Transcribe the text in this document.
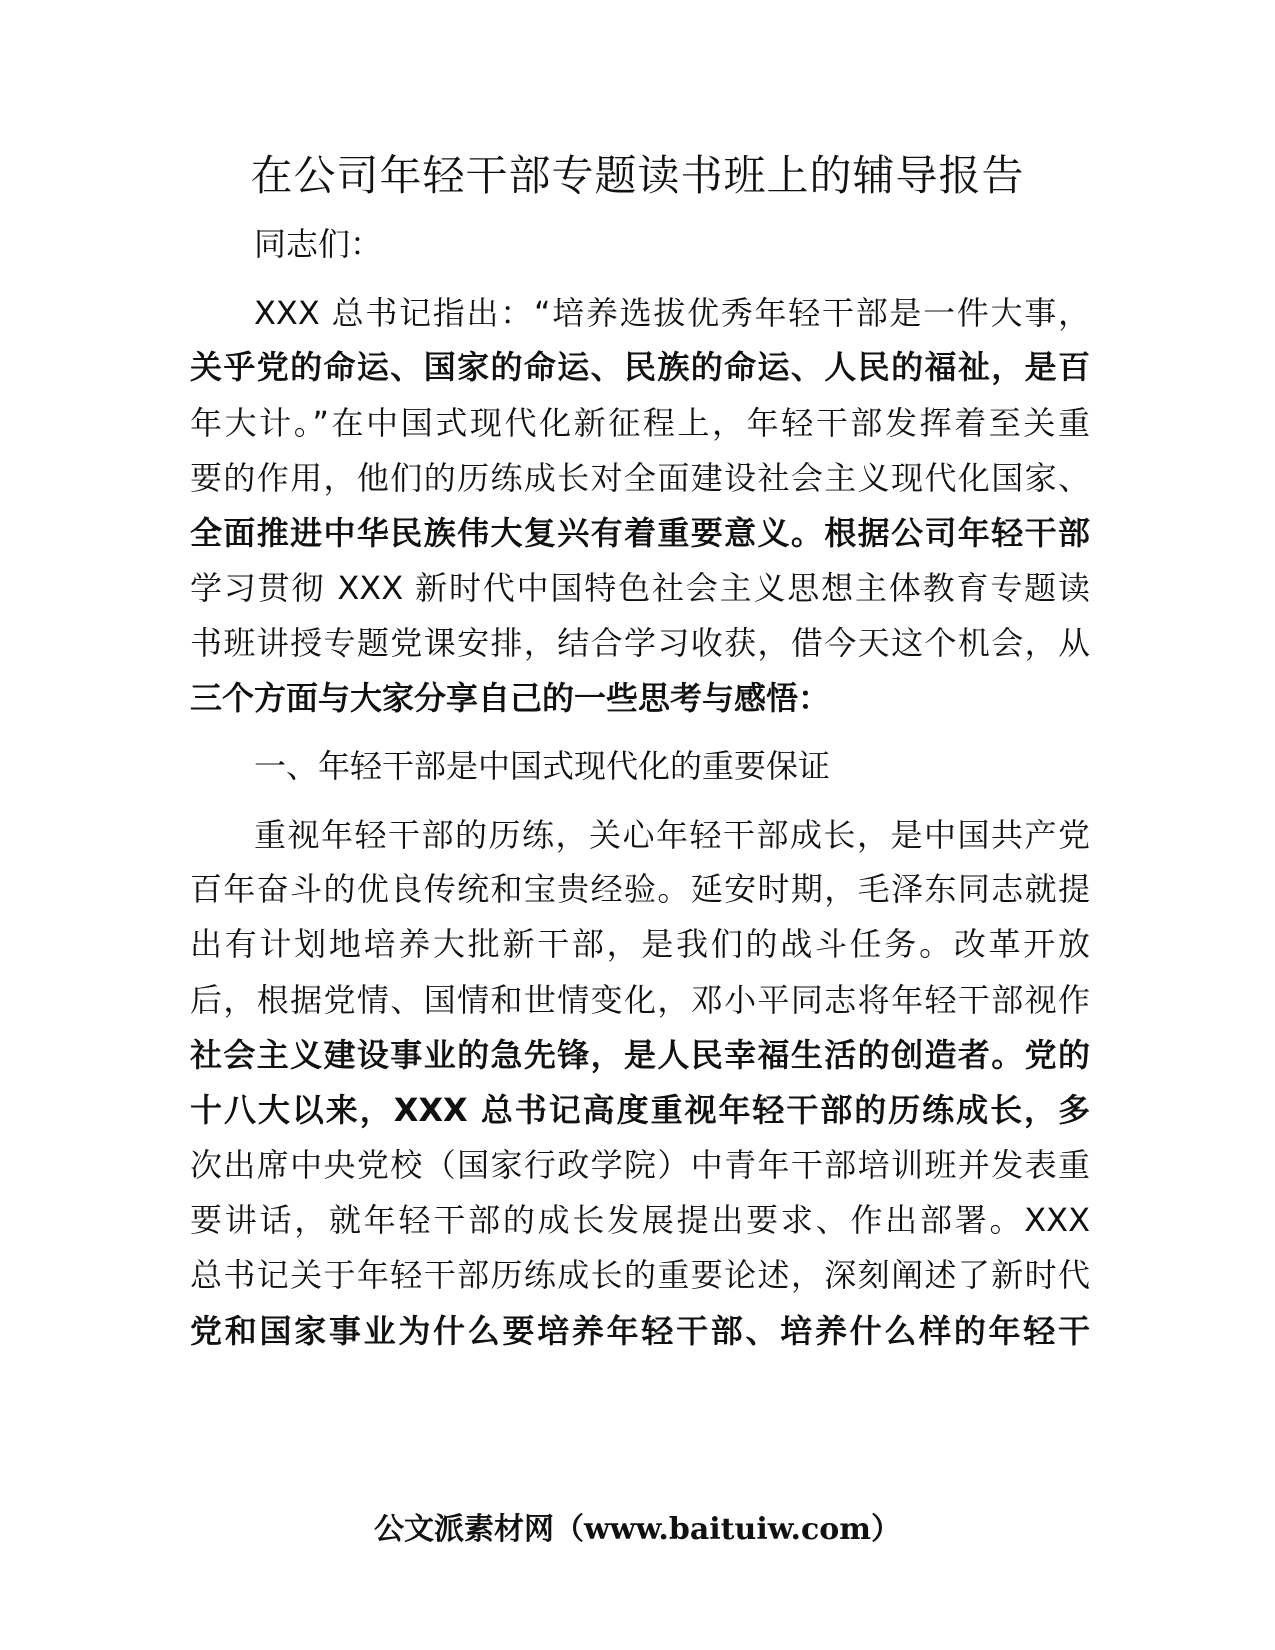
在公司年轻干部专题读书班上的辅导报告
同志们：
XXX 总书记指出：“培养选拔优秀年轻干部是一件大事，
关乎党的命运、国家的命运、民族的命运、人民的福祉，是百
年大计。”在中国式现代化新征程上，年轻干部发挥着至关重
要的作用，他们的历练成长对全面建设社会主义现代化国家、
全面推进中华民族伟大复兴有着重要意义。根据公司年轻干部
学习贯彻 XXX 新时代中国特色社会主义思想主体教育专题读
书班讲授专题党课安排，结合学习收获，借今天这个机会，从
三个方面与大家分享自己的一些思考与感悟：
一、年轻干部是中国式现代化的重要保证
重视年轻干部的历练，关心年轻干部成长，是中国共产党
百年奋斗的优良传统和宝贵经验。延安时期，毛泽东同志就提
出有计划地培养大批新干部，是我们的战斗任务。改革开放
后，根据党情、国情和世情变化，邓小平同志将年轻干部视作
社会主义建设事业的急先锋，是人民幸福生活的创造者。党的
十八大以来，XXX 总书记高度重视年轻干部的历练成长，多
次出席中央党校（国家行政学院）中青年干部培训班并发表重
要讲话，就年轻干部的成长发展提出要求、作出部署。XXX
总书记关于年轻干部历练成长的重要论述，深刻阐述了新时代
党和国家事业为什么要培养年轻干部、培养什么样的年轻干
公文派素材网（www.baituiw.com）
